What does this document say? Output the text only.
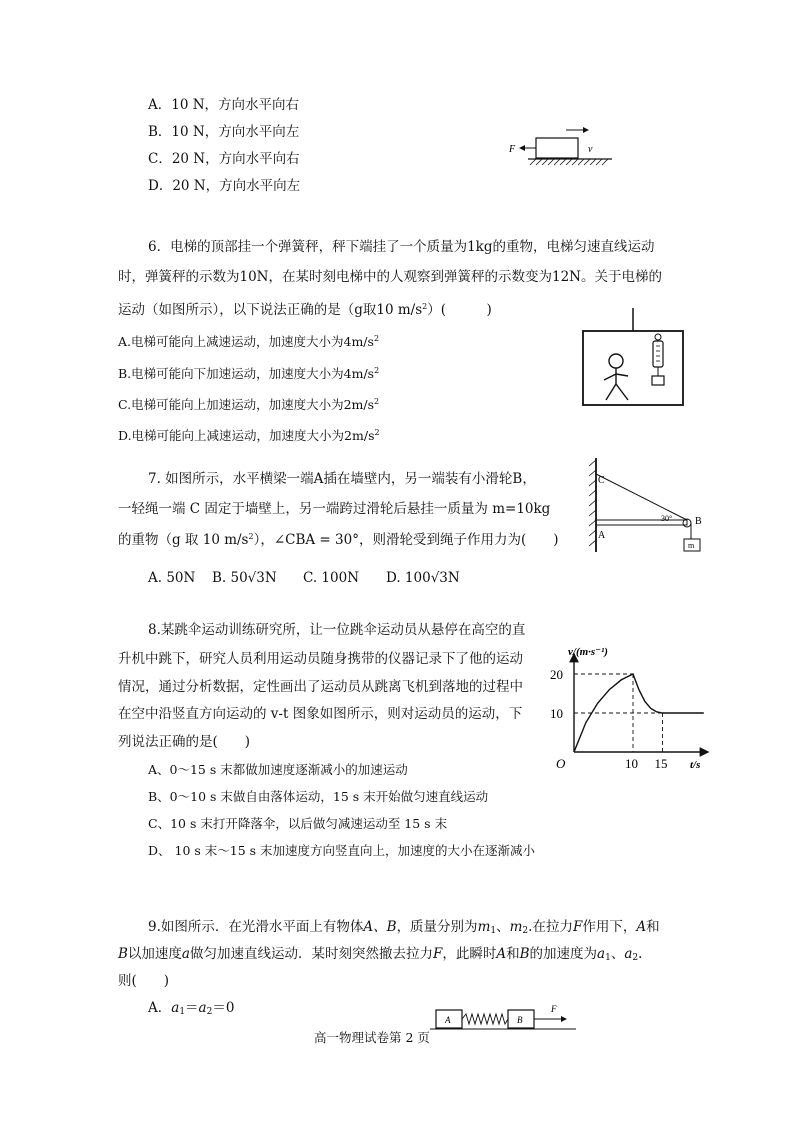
A．10 N，方向水平向右
B．10 N，方向水平向左
C．20 N，方向水平向右
D．20 N，方向水平向左
F	v
6．电梯的顶部挂一个弹簧秤，秤下端挂了一个质量为1kg的重物，电梯匀速直线运动
时，弹簧秤的示数为10N，在某时刻电梯中的人观察到弹簧秤的示数变为12N。关于电梯的
运动（如图所示），以下说法正确的是（g取10 $m/s^2$）(　　　)
A.电梯可能向上减速运动，加速度大小为$4m/s^2$
B.电梯可能向下加速运动，加速度大小为$4m/s^2$
C.电梯可能向上加速运动，加速度大小为$2m/s^2$
D.电梯可能向上减速运动，加速度大小为$2m/s^2$
7. 如图所示，水平横梁一端A插在墙壁内，另一端装有小滑轮B，
一轻绳一端 C 固定于墙壁上，另一端跨过滑轮后悬挂一质量为 m=10kg
的重物（g 取 10 $m/s^2$），∠CBA = 30°，则滑轮受到绳子作用力为(　　)
A. 50N B. 50√3N C. 100N D. 100√3N
C
A
30° B
m
8.某跳伞运动训练研究所，让一位跳伞运动员从悬停在高空的直
升机中跳下，研究人员利用运动员随身携带的仪器记录下了他的运动
情况，通过分析数据，定性画出了运动员从跳离飞机到落地的过程中
在空中沿竖直方向运动的 v-t 图象如图所示，则对运动员的运动，下
列说法正确的是(　　)
A、0～15 s 末都做加速度逐渐减小的加速运动
B、0～10 s 末做自由落体运动，15 s 末开始做匀速直线运动
C、10 s 末打开降落伞，以后做匀减速运动至 15 s 末
D、 10 s 末～15 s 末加速度方向竖直向上，加速度的大小在逐渐减小
v/(m·s⁻¹)
t/s
O	10 15
10
20
9.如图所示．在光滑水平面上有物体A、B，质量分别为$m_1$、$m_2$.在拉力F作用下，A和
B以加速度a做匀加速直线运动．某时刻突然撤去拉力F，此瞬时A和B的加速度为$a_1$、$a_2$.
则(　　)
A．$a_1=a_2=0$
A	B
F
高一物理试卷第 2 页
